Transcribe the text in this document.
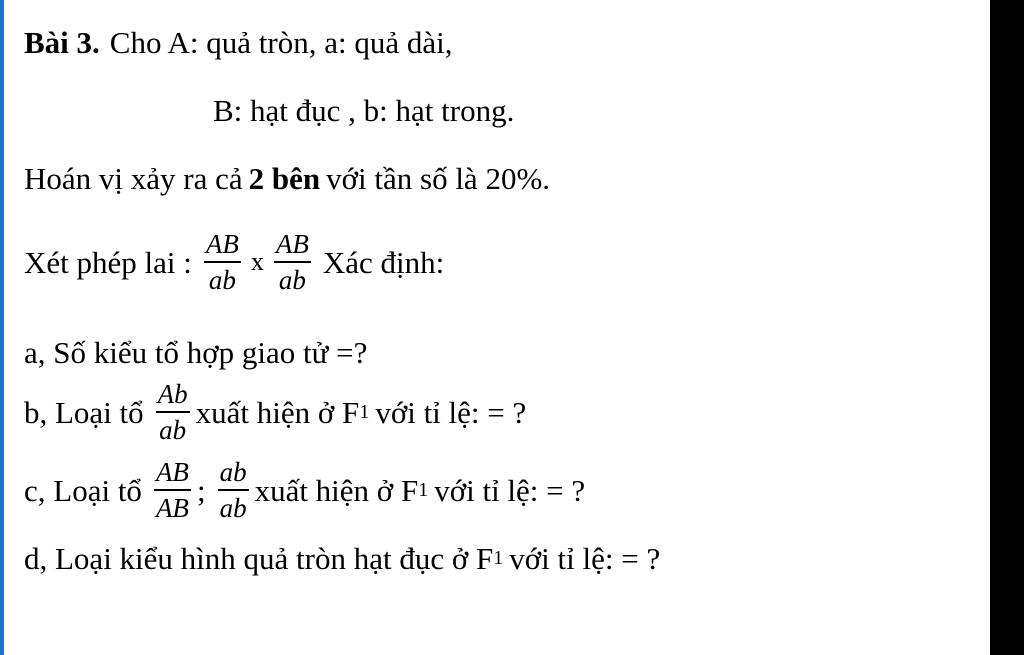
Bài 3. Cho A: quả tròn, a: quả dài,
B: hạt đục , b: hạt trong.
Hoán vị xảy ra cả 2 bên với tần số là 20%.
Xét phép lai : $\frac{AB}{ab}$ x $\frac{AB}{ab}$ Xác định:
a, Số kiểu tổ hợp giao tử =?
b, Loại tổ $\frac{Ab}{ab}$ xuất hiện ở F 1 với tỉ lệ: = ?
c, Loại tổ $\frac{AB}{AB}$ ; $\frac{ab}{ab}$ xuất hiện ở F 1 với tỉ lệ: = ?
d, Loại kiểu hình quả tròn hạt đục ở F 1 với tỉ lệ: = ?
